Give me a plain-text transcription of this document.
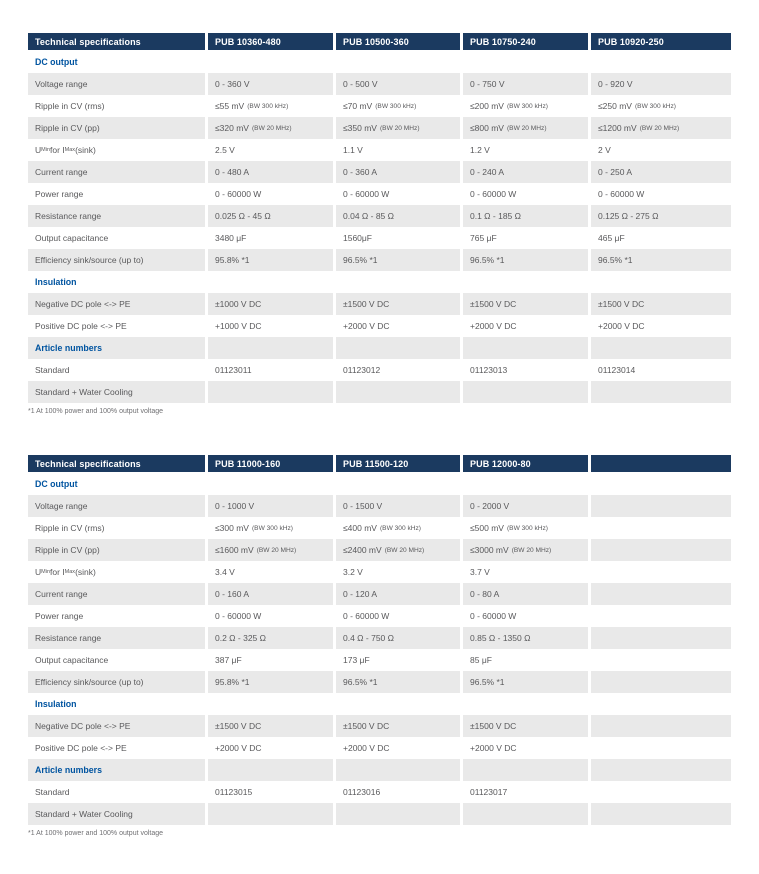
Technical specifications	PUB 10360-480	PUB 10500-360	PUB 10750-240	PUB 10920-250
DC output
Voltage range	0 - 360 V	0 - 500 V	0 - 750 V	0 - 920 V
Ripple in CV (rms)	≤55 mV (BW 300 kHz)	≤70 mV (BW 300 kHz)	≤200 mV (BW 300 kHz)	≤250 mV (BW 300 kHz)
Ripple in CV (pp)	≤320 mV (BW 20 MHz)	≤350 mV (BW 20 MHz)	≤800 mV (BW 20 MHz)	≤1200 mV (BW 20 MHz)
U Min for I Max (sink)	2.5 V	1.1 V	1.2 V	2 V
Current range	0 - 480 A	0 - 360 A	0 - 240 A	0 - 250 A
Power range	0 - 60000 W	0 - 60000 W	0 - 60000 W	0 - 60000 W
Resistance range	0.025 Ω - 45 Ω	0.04 Ω - 85 Ω	0.1 Ω - 185 Ω	0.125 Ω - 275 Ω
Output capacitance	3480 μF	1560μF	765 μF	465 μF
Efficiency sink/source (up to)	95.8% *1	96.5% *1	96.5% *1	96.5% *1
Insulation
Negative DC pole <-> PE	±1000 V DC	±1500 V DC	±1500 V DC	±1500 V DC
Positive DC pole <-> PE	+1000 V DC	+2000 V DC	+2000 V DC	+2000 V DC
Article numbers
Standard	01123011	01123012	01123013	01123014
Standard + Water Cooling
*1 At 100% power and 100% output voltage
Technical specifications	PUB 11000-160	PUB 11500-120	PUB 12000-80
DC output
Voltage range	0 - 1000 V	0 - 1500 V	0 - 2000 V
Ripple in CV (rms)	≤300 mV (BW 300 kHz)	≤400 mV (BW 300 kHz)	≤500 mV (BW 300 kHz)
Ripple in CV (pp)	≤1600 mV (BW 20 MHz)	≤2400 mV (BW 20 MHz)	≤3000 mV (BW 20 MHz)
U Min for I Max (sink)	3.4 V	3.2 V	3.7 V
Current range	0 - 160 A	0 - 120 A	0 - 80 A
Power range	0 - 60000 W	0 - 60000 W	0 - 60000 W
Resistance range	0.2 Ω - 325 Ω	0.4 Ω - 750 Ω	0.85 Ω - 1350 Ω
Output capacitance	387 μF	173 μF	85 μF
Efficiency sink/source (up to)	95.8% *1	96.5% *1	96.5% *1
Insulation
Negative DC pole <-> PE	±1500 V DC	±1500 V DC	±1500 V DC
Positive DC pole <-> PE	+2000 V DC	+2000 V DC	+2000 V DC
Article numbers
Standard	01123015	01123016	01123017
Standard + Water Cooling
*1 At 100% power and 100% output voltage
